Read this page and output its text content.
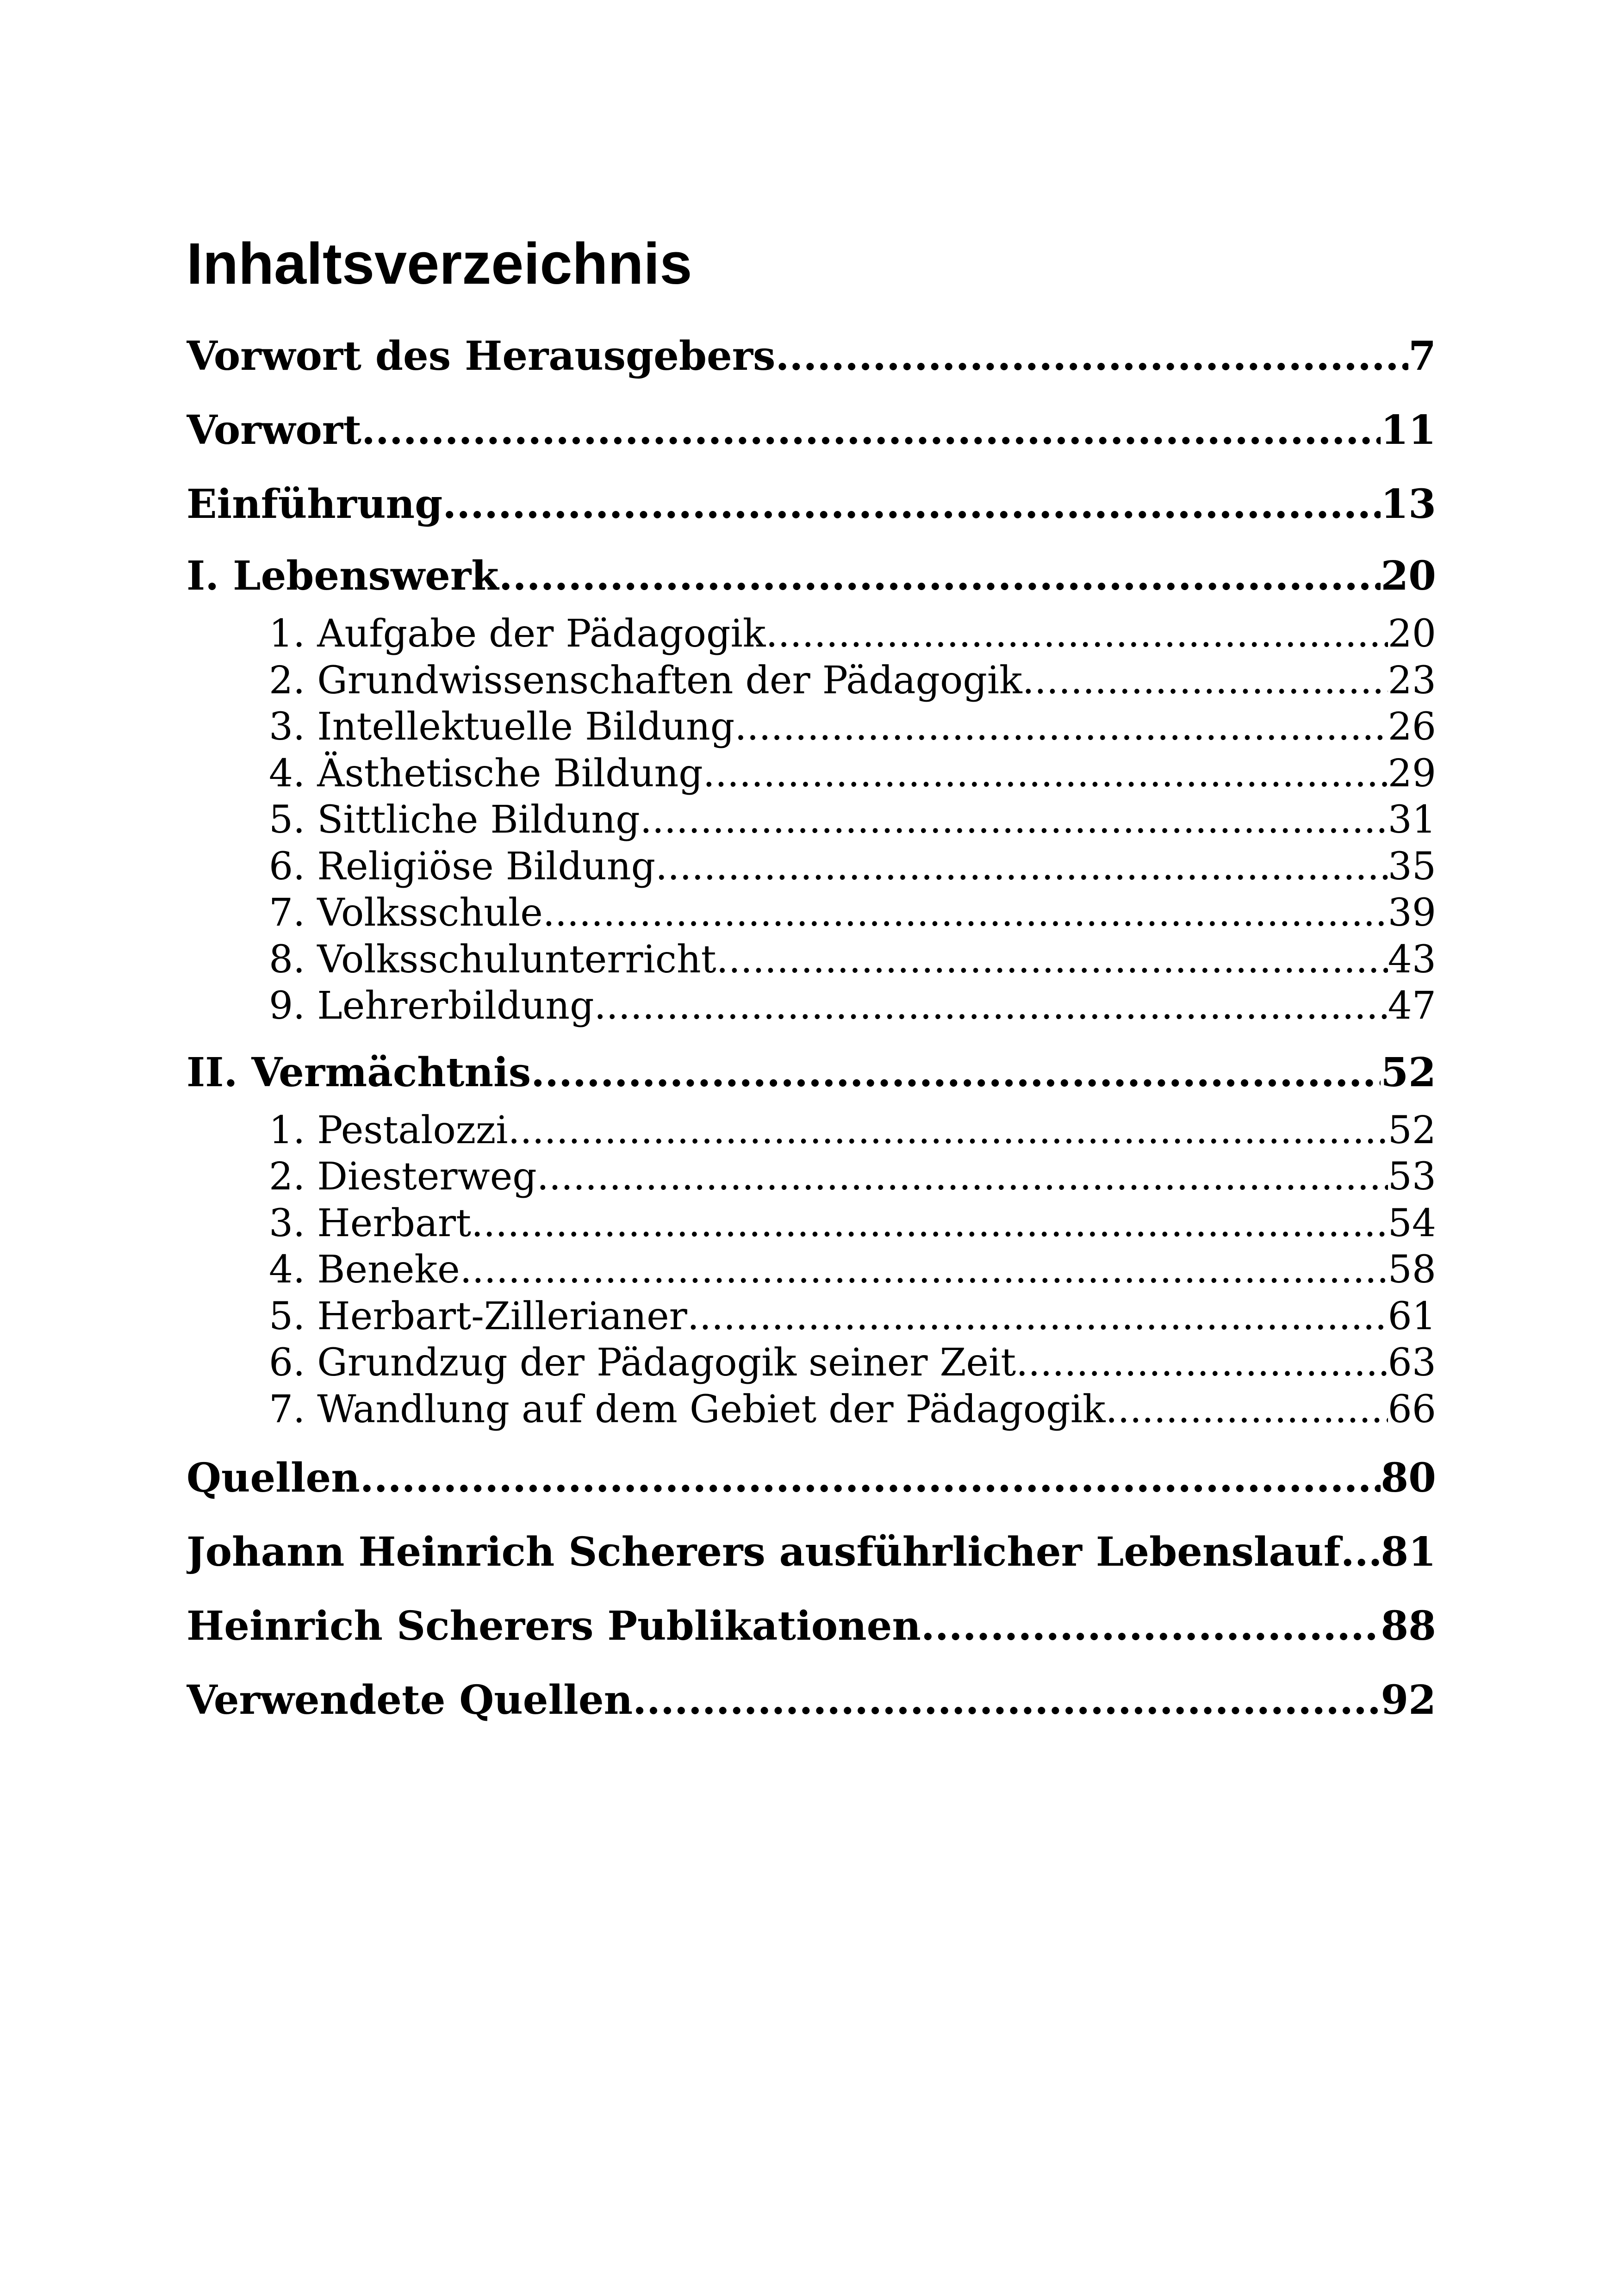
Inhaltsverzeichnis
Vorwort des Herausgebers .....	7
Vorwort .....	11
Einführung .....	13
I. Lebenswerk .....	20
1. Aufgabe der Pädagogik .....	20
2. Grundwissenschaften der Pädagogik .....	23
3. Intellektuelle Bildung .....	26
4. Ästhetische Bildung .....	29
5. Sittliche Bildung .....	31
6. Religiöse Bildung .....	35
7. Volksschule .....	39
8. Volksschulunterricht .....	43
9. Lehrerbildung .....	47
II. Vermächtnis .....	52
1. Pestalozzi .....	52
2. Diesterweg .....	53
3. Herbart .....	54
4. Beneke .....	58
5. Herbart-Zillerianer .....	61
6. Grundzug der Pädagogik seiner Zeit .....	63
7. Wandlung auf dem Gebiet der Pädagogik .....	66
Quellen .....	80
Johann Heinrich Scherers ausführlicher Lebenslauf ..... 81
Heinrich Scherers Publikationen .....	88
Verwendete Quellen .....	92
